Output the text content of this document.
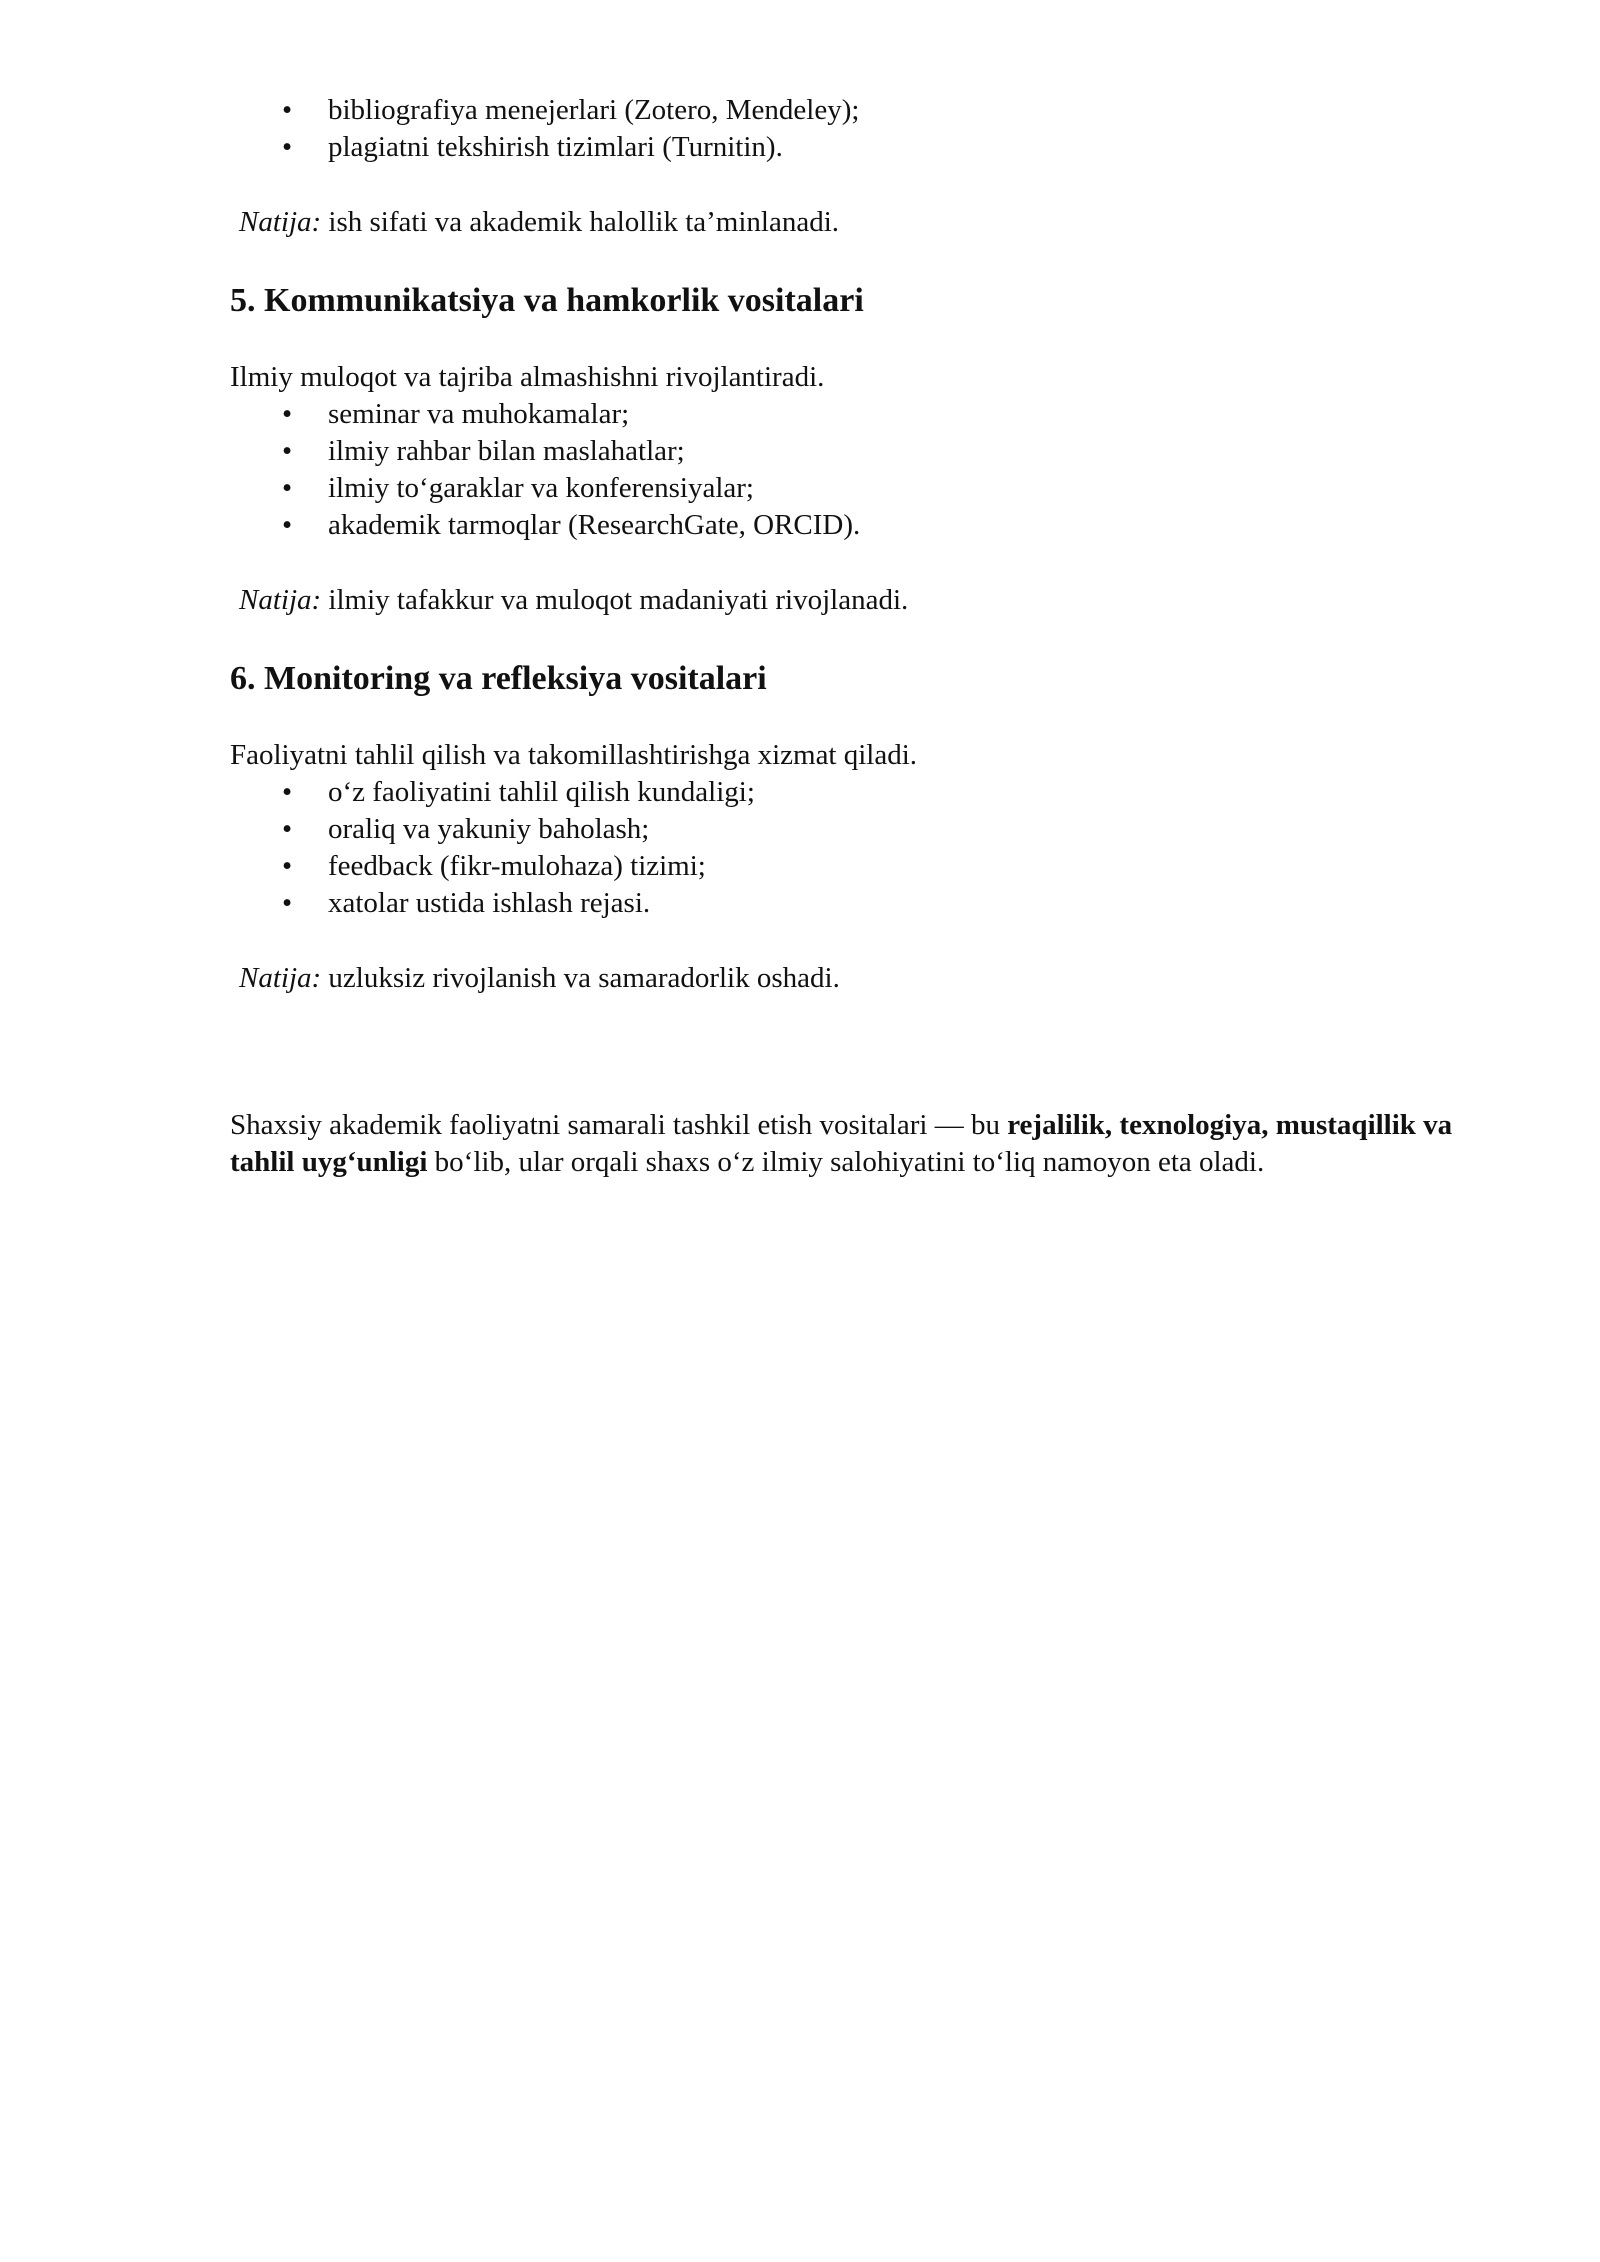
• bibliografiya menejerlari (Zotero, Mendeley);
• plagiatni tekshirish tizimlari (Turnitin).

Natija: ish sifati va akademik halollik ta’minlanadi.

5. Kommunikatsiya va hamkorlik vositalari

Ilmiy muloqot va tajriba almashishni rivojlantiradi.

• seminar va muhokamalar;
• ilmiy rahbar bilan maslahatlar;
• ilmiy to‘garaklar va konferensiyalar;
• akademik tarmoqlar (ResearchGate, ORCID).

Natija: ilmiy tafakkur va muloqot madaniyati rivojlanadi.

6. Monitoring va refleksiya vositalari

Faoliyatni tahlil qilish va takomillashtirishga xizmat qiladi.

• o‘z faoliyatini tahlil qilish kundaligi;
• oraliq va yakuniy baholash;
• feedback (fikr-mulohaza) tizimi;
• xatolar ustida ishlash rejasi.

Natija: uzluksiz rivojlanish va samaradorlik oshadi.

Shaxsiy akademik faoliyatni samarali tashkil etish vositalari — bu rejalilik, texnologiya, mustaqillik va tahlil uyg‘unligi bo‘lib, ular orqali shaxs o‘z ilmiy salohiyatini to‘liq namoyon eta oladi.
